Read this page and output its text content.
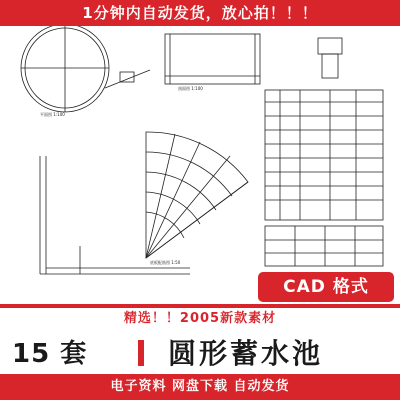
1分钟内自动发货，放心拍！！！
平面图 1:100
剖面图 1:100
底板配筋图 1:50
CAD 格式
精选！！2005新款素材
15 套	圆形蓄水池
电子资料 网盘下载 自动发货
